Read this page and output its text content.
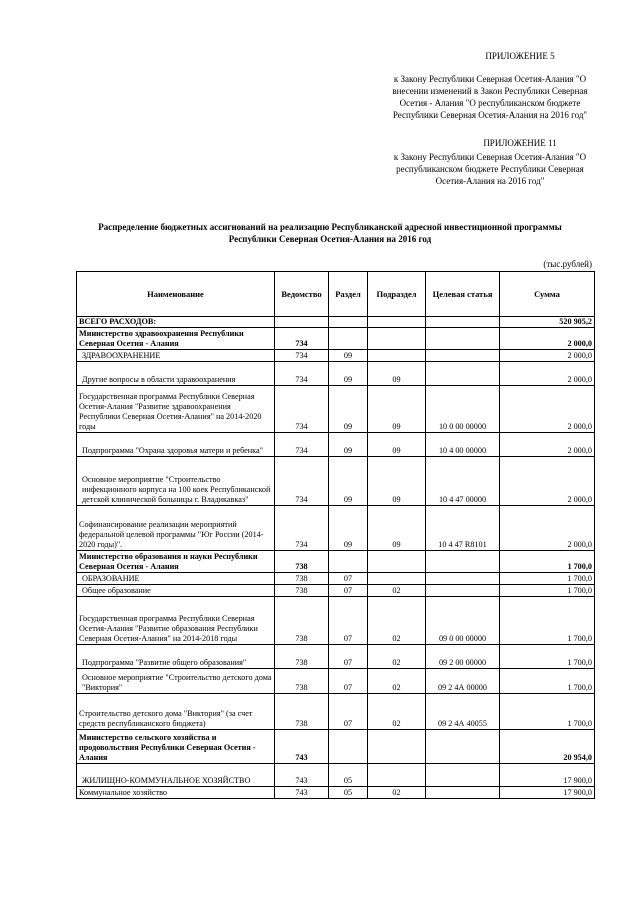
ПРИЛОЖЕНИЕ 5
к Закону Республики Северная Осетия-Алания "О
внесении изменений в Закон Республики Северная
Осетия - Алания "О республиканском бюджете
Республики Северная Осетия-Алания на 2016 год"
ПРИЛОЖЕНИЕ 11
к Закону Республики Северная Осетия-Алания "О
республиканском бюджете Республики Северная
Осетия-Алания на 2016 год"
Распределение бюджетных ассигнований на реализацию Республиканской адресной инвестиционной программы
Республики Северная Осетия-Алания на 2016 год
(тыс.рублей)
Наименование	Ведомство	Раздел	Подраздел	Целевая статья	Сумма
ВСЕГО РАСХОДОВ:					520 905,2
Министерство здравоохранения Республики Северная Осетия - Алания	734				2 000,0
ЗДРАВООХРАНЕНИЕ	734	09			2 000,0
Другие вопросы в области здравоохранения	734	09	09		2 000,0
Государственная программа Республики Северная Осетия-Алания "Развитие здравоохранения Республики Северная Осетия-Алания" на 2014-2020 годы	734	09	09	10 0 00 00000	2 000,0
Подпрограмма "Охрана здоровья матери и ребенка"	734	09	09	10 4 00 00000	2 000,0
Основное мероприятие "Строительство инфекционного корпуса на 100 коек Республиканской детской клинической больницы г. Владикавказ"	734	09	09	10 4 47 00000	2 000,0
Софинансирование реализации мероприятий федеральной целевой программы "Юг России (2014-2020 годы)".	734	09	09	10 4 47 R8101	2 000,0
Министерство образования и науки Республики Северная Осетия - Алания	738				1 700,0
ОБРАЗОВАНИЕ	738	07			1 700,0
Общее образование	738	07	02		1 700,0
Государственная программа Республики Северная Осетия-Алания "Развитие образования Республики Северная Осетия-Алания" на 2014-2018 годы	738	07	02	09 0 00 00000	1 700,0
Подпрограмма "Развитие общего образования"	738	07	02	09 2 00 00000	1 700,0
Основное мероприятие "Строительство детского дома "Виктория"	738	07	02	09 2 4А 00000	1 700,0
Строительство детского дома "Виктория" (за счет средств республиканского бюджета)	738	07	02	09 2 4А 40055	1 700,0
Министерство сельского хозяйства и продовольствия Республики Северная Осетия - Алания	743				20 954,0
ЖИЛИЩНО-КОММУНАЛЬНОЕ ХОЗЯЙСТВО	743	05			17 900,0
Коммунальное хозяйство	743	05	02		17 900,0
